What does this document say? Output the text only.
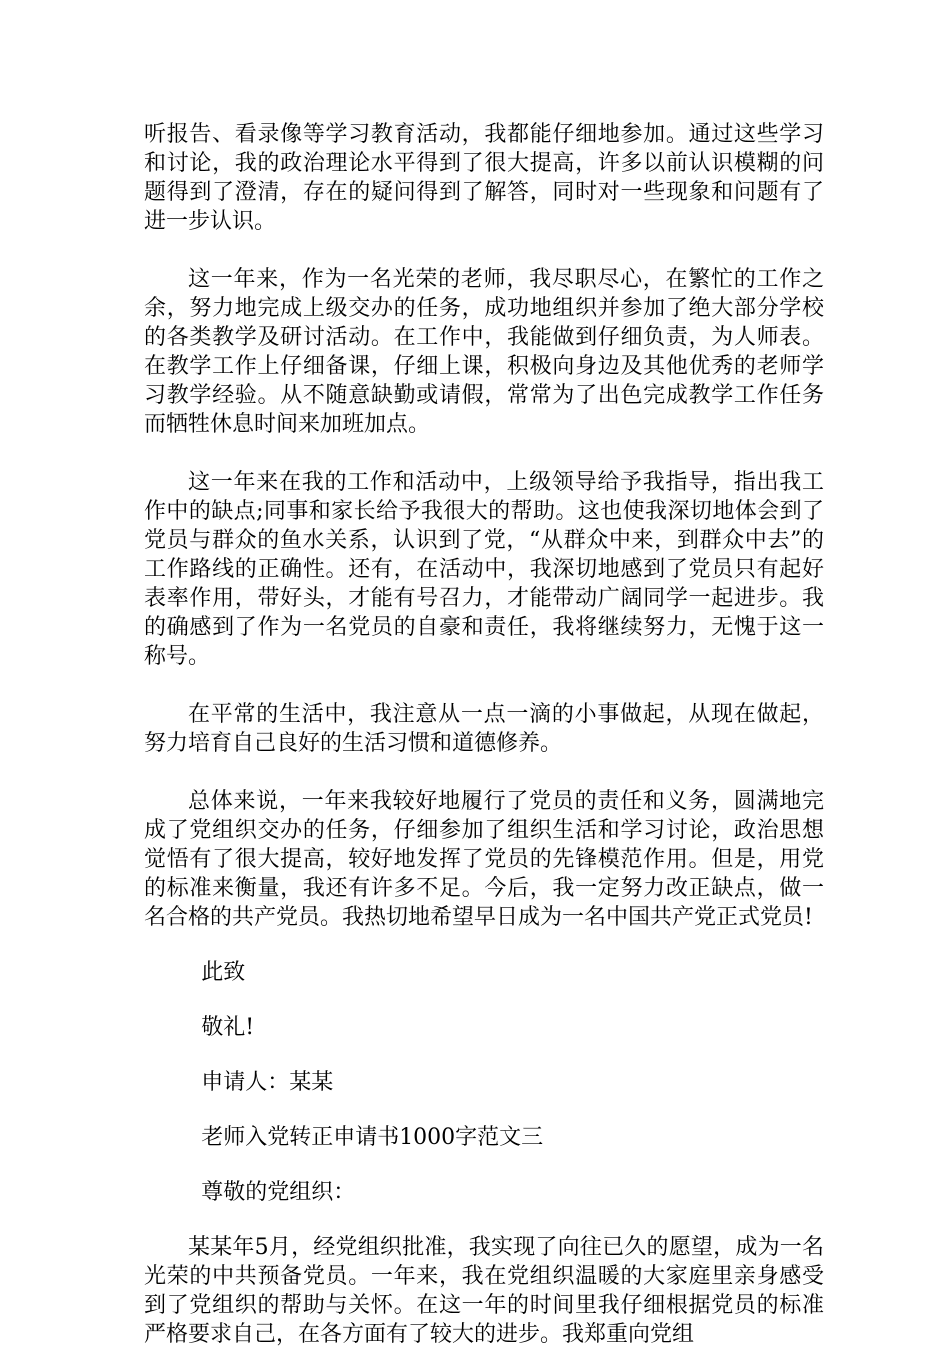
听报告、看录像等学习教育活动，我都能仔细地参加。通过这些学习和讨论，我的政治理论水平得到了很大提高，许多以前认识模糊的问题得到了澄清，存在的疑问得到了解答，同时对一些现象和问题有了进一步认识。

这一年来，作为一名光荣的老师，我尽职尽心，在繁忙的工作之余，努力地完成上级交办的任务，成功地组织并参加了绝大部分学校的各类教学及研讨活动。在工作中，我能做到仔细负责，为人师表。在教学工作上仔细备课，仔细上课，积极向身边及其他优秀的老师学习教学经验。从不随意缺勤或请假，常常为了出色完成教学工作任务而牺牲休息时间来加班加点。

这一年来在我的工作和活动中，上级领导给予我指导，指出我工作中的缺点;同事和家长给予我很大的帮助。这也使我深切地体会到了党员与群众的鱼水关系，认识到了党，“从群众中来，到群众中去”的工作路线的正确性。还有，在活动中，我深切地感到了党员只有起好表率作用，带好头，才能有号召力，才能带动广阔同学一起进步。我的确感到了作为一名党员的自豪和责任，我将继续努力，无愧于这一称号。

在平常的生活中，我注意从一点一滴的小事做起，从现在做起，努力培育自己良好的生活习惯和道德修养。

总体来说，一年来我较好地履行了党员的责任和义务，圆满地完成了党组织交办的任务，仔细参加了组织生活和学习讨论，政治思想觉悟有了很大提高，较好地发挥了党员的先锋模范作用。但是，用党的标准来衡量，我还有许多不足。今后，我一定努力改正缺点，做一名合格的共产党员。我热切地希望早日成为一名中国共产党正式党员!

此致

敬礼!

申请人：某某

老师入党转正申请书1000字范文三

尊敬的党组织：

某某年5月，经党组织批准，我实现了向往已久的愿望，成为一名光荣的中共预备党员。一年来，我在党组织温暖的大家庭里亲身感受到了党组织的帮助与关怀。在这一年的时间里我仔细根据党员的标准严格要求自己，在各方面有了较大的进步。我郑重向党组
